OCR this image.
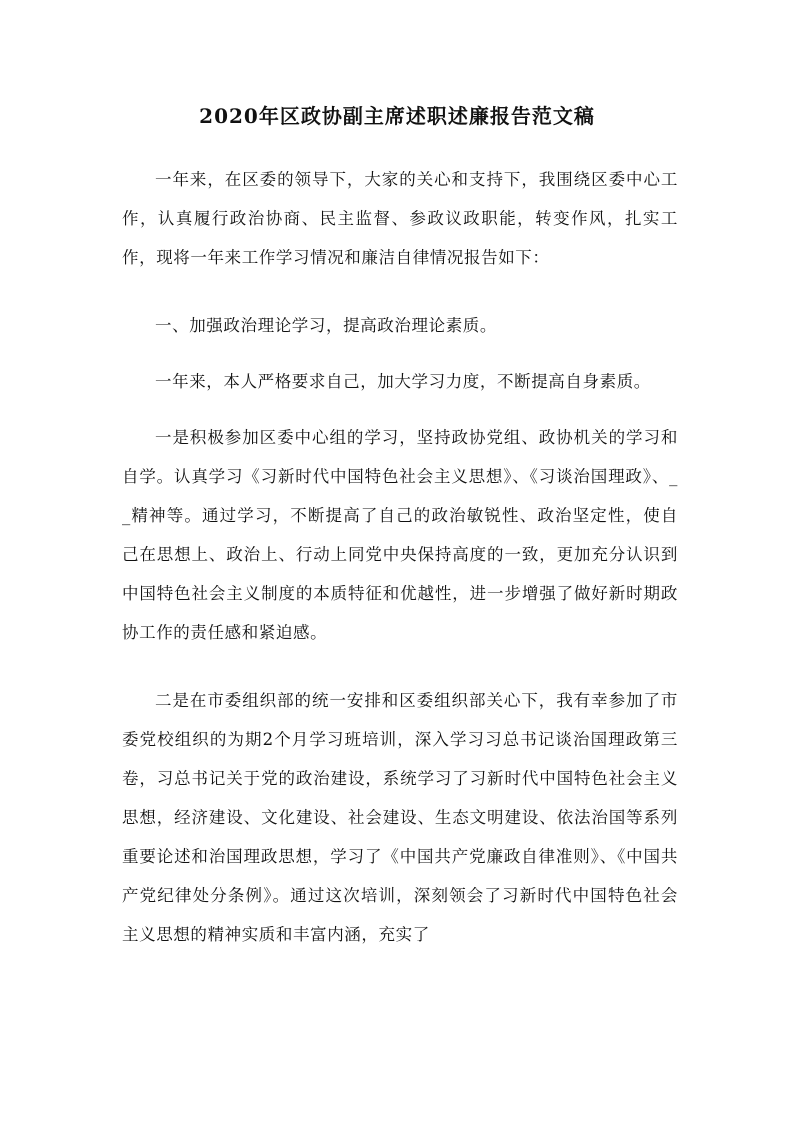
2020年区政协副主席述职述廉报告范文稿

一年来，在区委的领导下，大家的关心和支持下，我围绕区委中心工作，认真履行政治协商、民主监督、参政议政职能，转变作风，扎实工作，现将一年来工作学习情况和廉洁自律情况报告如下：

一、加强政治理论学习，提高政治理论素质。

一年来，本人严格要求自己，加大学习力度，不断提高自身素质。

一是积极参加区委中心组的学习，坚持政协党组、政协机关的学习和自学。认真学习《习新时代中国特色社会主义思想》、《习谈治国理政》、__精神等。通过学习，不断提高了自己的政治敏锐性、政治坚定性，使自己在思想上、政治上、行动上同党中央保持高度的一致，更加充分认识到中国特色社会主义制度的本质特征和优越性，进一步增强了做好新时期政协工作的责任感和紧迫感。

二是在市委组织部的统一安排和区委组织部关心下，我有幸参加了市委党校组织的为期2个月学习班培训，深入学习习总书记谈治国理政第三卷，习总书记关于党的政治建设，系统学习了习新时代中国特色社会主义思想，经济建设、文化建设、社会建设、生态文明建设、依法治国等系列重要论述和治国理政思想，学习了《中国共产党廉政自律准则》、《中国共产党纪律处分条例》。通过这次培训，深刻领会了习新时代中国特色社会主义思想的精神实质和丰富内涵，充实了
